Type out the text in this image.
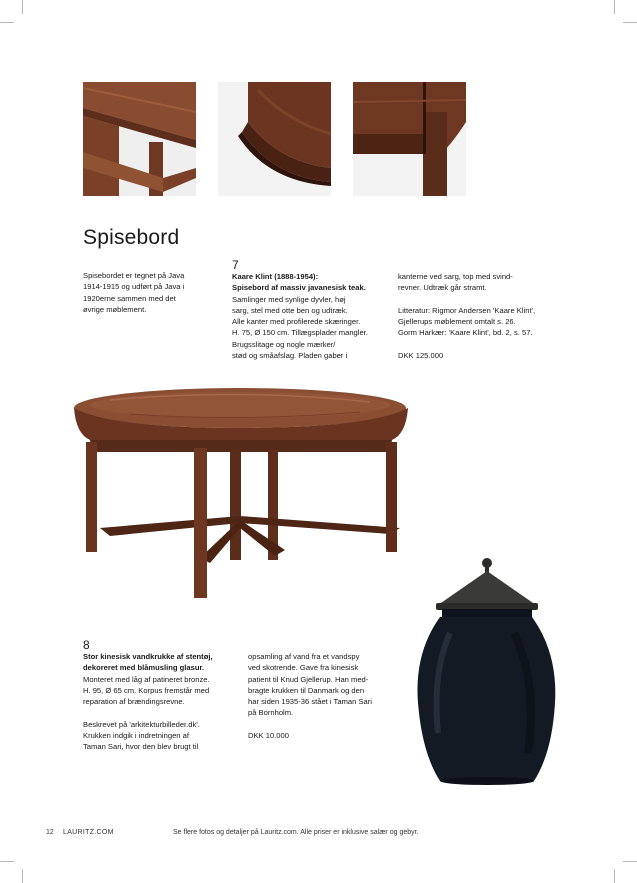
Spisebord
Spisebordet er tegnet på Java
1914-1915 og udført på Java i
1920erne sammen med det
øvrige møblement.
7
Kaare Klint (1888-1954):
Spisebord af massiv javanesisk teak.
Samlinger med synlige dyvler, høj
sarg, stel med otte ben og udtræk.
Alle kanter med profilerede skæringer.
H. 75, Ø 150 cm. Tillægsplader mangler.
Brugsslitage og nogle mærker/
stød og småafslag. Pladen gaber i
kanterne ved sarg, top med svind-
revner. Udtræk går stramt.
Litteratur: Rigmor Andersen 'Kaare Klint',
Gjellerups møblement omtalt s. 26.
Gorm Harkær: 'Kaare Klint', bd. 2, s. 57.
DKK 125.000
8
Stor kinesisk vandkrukke af stentøj,
dekoreret med blåmusling glasur.
Monteret med låg af patineret bronze.
H. 95, Ø 65 cm. Korpus fremstår med
reparation af brændingsrevne.
Beskrevet på 'arkitekturbilleder.dk'.
Krukken indgik i indretningen af
Taman Sari, hvor den blev brugt til
opsamling af vand fra et vandspy
ved skotrende. Gave fra kinesisk
patient til Knud Gjellerup. Han med-
bragte krukken til Danmark og den
har siden 1935-36 stået i Taman Sari
på Bornholm.
DKK 10.000
12 LAURITZ.COM	Se flere fotos og detaljer på Lauritz.com. Alle priser er inklusive salær og gebyr.
